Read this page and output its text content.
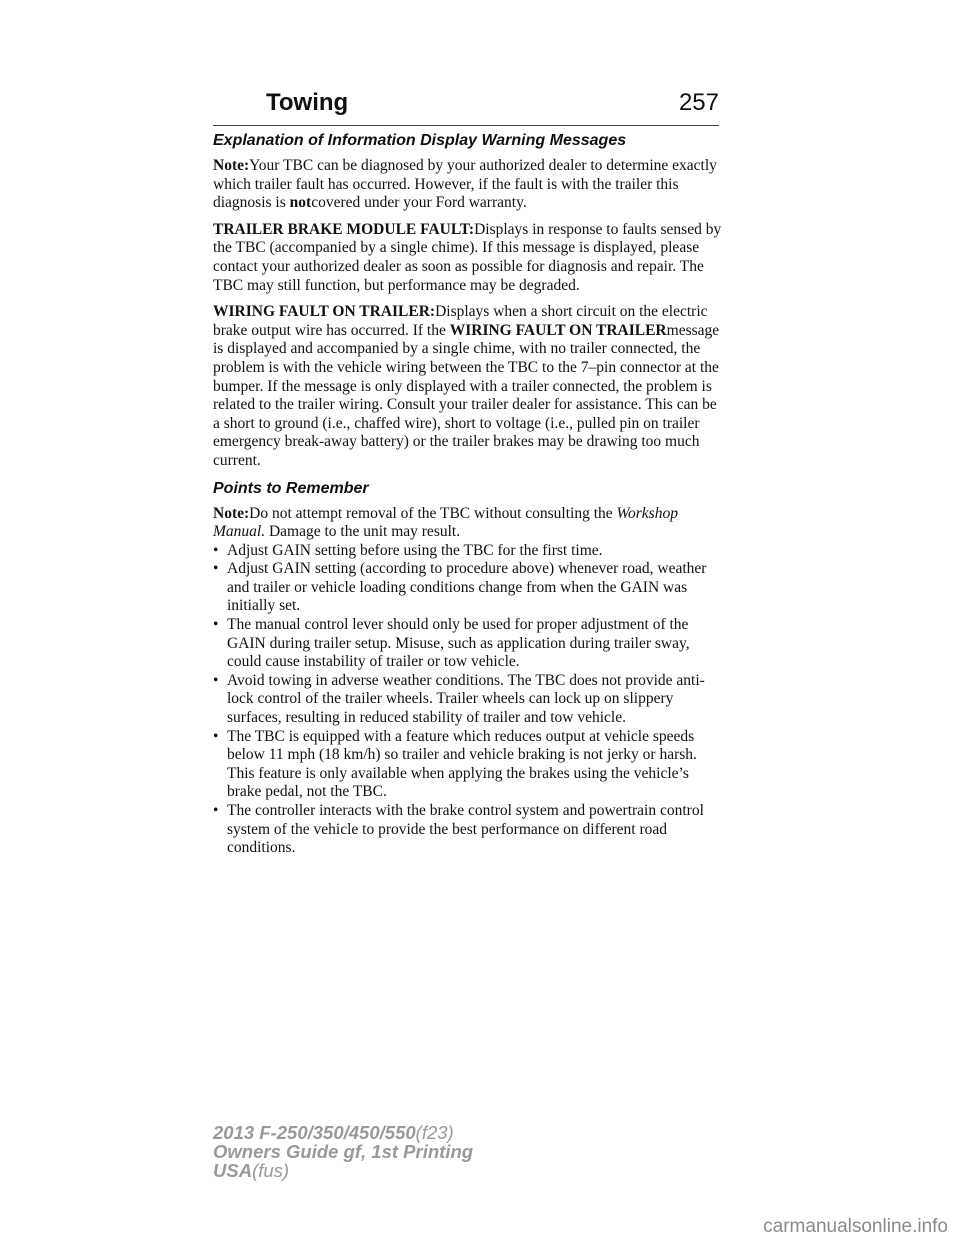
Towing	257
Explanation of Information Display Warning Messages

Note:Your TBC can be diagnosed by your authorized dealer to determine exactly which trailer fault has occurred. However, if the fault is with the trailer this diagnosis is notcovered under your Ford warranty.

TRAILER BRAKE MODULE FAULT:Displays in response to faults sensed by the TBC (accompanied by a single chime). If this message is displayed, please contact your authorized dealer as soon as possible for diagnosis and repair. The TBC may still function, but performance may be degraded.

WIRING FAULT ON TRAILER:Displays when a short circuit on the electric brake output wire has occurred. If the WIRING FAULT ON TRAILERmessage is displayed and accompanied by a single chime, with no trailer connected, the problem is with the vehicle wiring between the TBC to the 7–pin connector at the bumper. If the message is only displayed with a trailer connected, the problem is related to the trailer wiring. Consult your trailer dealer for assistance. This can be a short to ground (i.e., chaffed wire), short to voltage (i.e., pulled pin on trailer emergency break-away battery) or the trailer brakes may be drawing too much current.

Points to Remember

Note:Do not attempt removal of the TBC without consulting the Workshop Manual. Damage to the unit may result.

• Adjust GAIN setting before using the TBC for the first time.
• Adjust GAIN setting (according to procedure above) whenever road, weather and trailer or vehicle loading conditions change from when the GAIN was initially set.
• The manual control lever should only be used for proper adjustment of the GAIN during trailer setup. Misuse, such as application during trailer sway, could cause instability of trailer or tow vehicle.
• Avoid towing in adverse weather conditions. The TBC does not provide anti-lock control of the trailer wheels. Trailer wheels can lock up on slippery surfaces, resulting in reduced stability of trailer and tow vehicle.
• The TBC is equipped with a feature which reduces output at vehicle speeds below 11 mph (18 km/h) so trailer and vehicle braking is not jerky or harsh. This feature is only available when applying the brakes using the vehicle’s brake pedal, not the TBC.
• The controller interacts with the brake control system and powertrain control system of the vehicle to provide the best performance on different road conditions.
2013 F-250/350/450/550(f23)
Owners Guide gf, 1st Printing
USA(fus)
carmanualsonline.info
